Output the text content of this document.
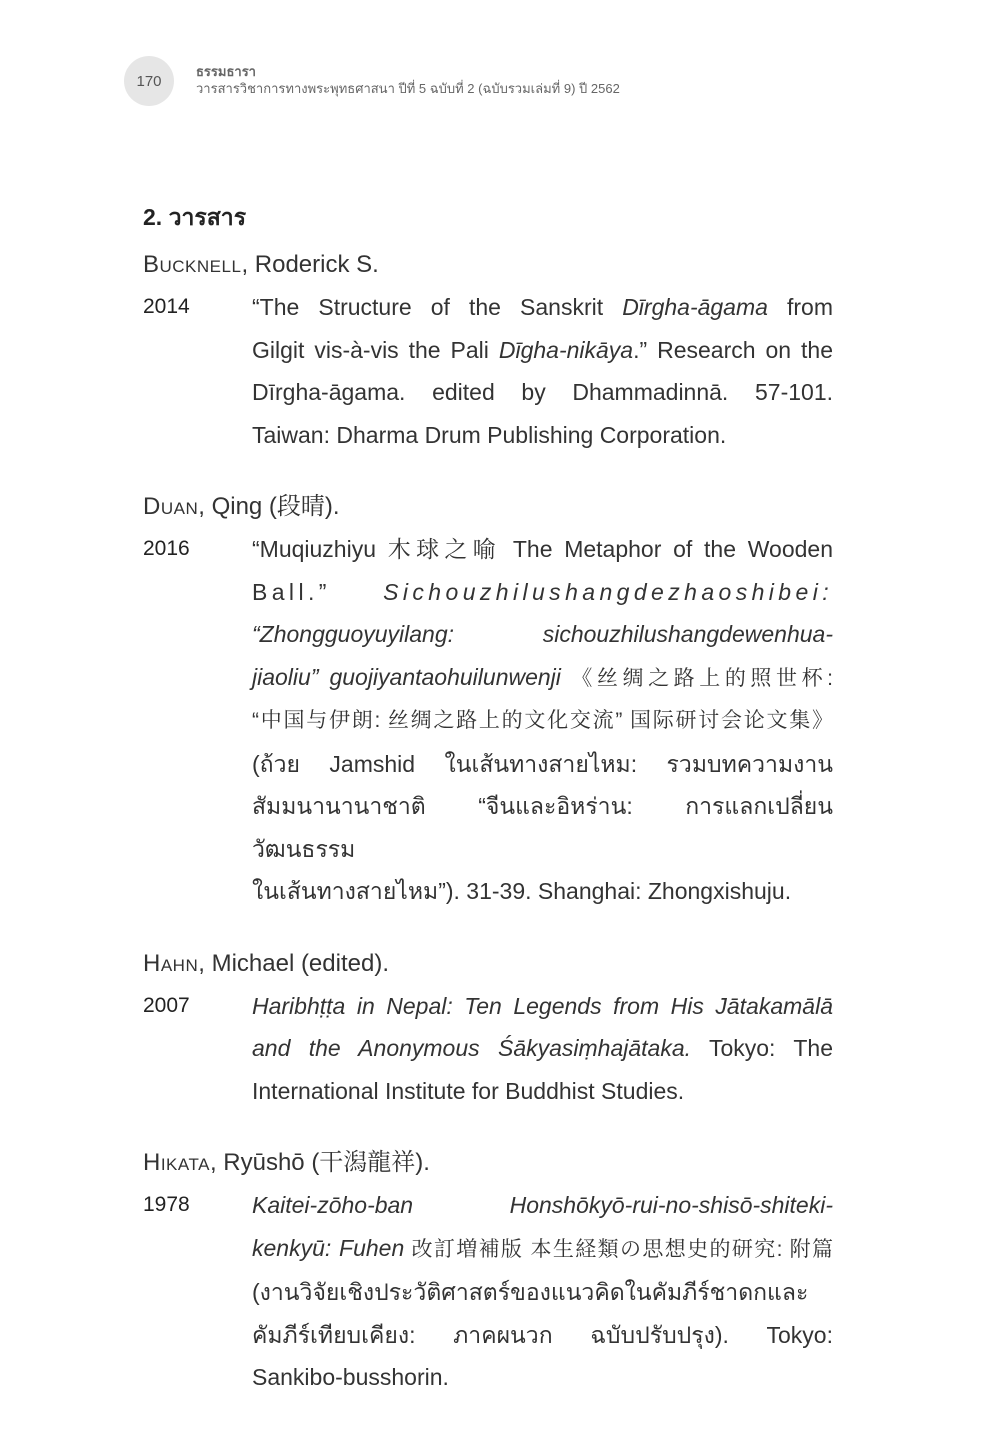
170
ธรรมธารา
วารสารวิชาการทางพระพุทธศาสนา ปีที่ 5 ฉบับที่ 2 (ฉบับรวมเล่มที่ 9) ปี 2562
2. วารสาร
Bucknell, Roderick S.
2014	“The Structure of the Sanskrit Dīrgha-āgama from
Gilgit vis-à-vis the Pali Dīgha-nikāya.” Research on the
Dīrgha-āgama. edited by Dhammadinnā. 57-101.
Taiwan: Dharma Drum Publishing Corporation.
Duan, Qing (段晴).
2016	“Muqiuzhiyu 木球之喻 The Metaphor of the Wooden
Ball.” Sichouzhilushangdezhaoshibei:
“Zhongguoyuyilang: sichouzhilushangdewenhua-
jiaoliu” guojiyantaohuilunwenji 《丝绸之路上的照世杯:
“中国与伊朗: 丝绸之路上的文化交流” 国际研讨会论文集》
(ถ้วย Jamshid ในเส้นทางสายไหม: รวมบทความงาน
สัมมนานานาชาติ “จีนและอิหร่าน: การแลกเปลี่ยนวัฒนธรรม
ในเส้นทางสายไหม”). 31-39. Shanghai: Zhongxishuju.
Hahn, Michael (edited).
2007	Haribhṭṭa in Nepal: Ten Legends from His Jātakamālā
and the Anonymous Śākyasiṃhajātaka. Tokyo: The
International Institute for Buddhist Studies.
Hikata, Ryūshō (干潟龍祥).
1978	Kaitei-zōho-ban Honshōkyō-rui-no-shisō-shiteki-
kenkyū: Fuhen 改訂増補版 本生経類の思想史的研究: 附篇
(งานวิจัยเชิงประวัติศาสตร์ของแนวคิดในคัมภีร์ชาดกและ
คัมภีร์เทียบเคียง: ภาคผนวก ฉบับปรับปรุง). Tokyo:
Sankibo-busshorin.
